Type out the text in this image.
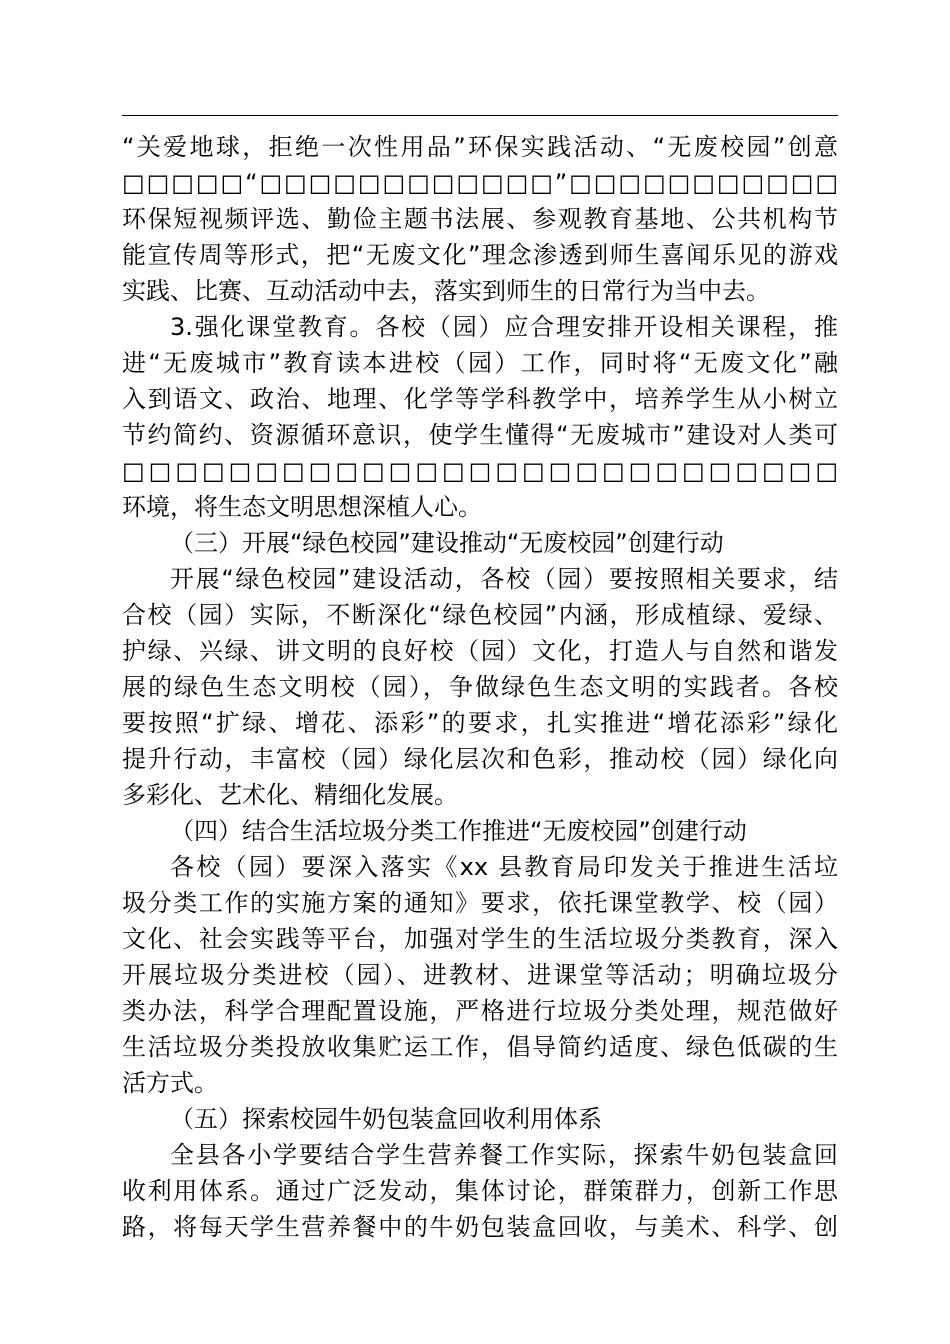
“关爱地球，拒绝一次性用品”环保实践活动、“无废校园”创意
□□□□□“□□□□□□□□□□□□”□□□□□□□□□□□
环保短视频评选、勤俭主题书法展、参观教育基地、公共机构节
能宣传周等形式，把“无废文化”理念渗透到师生喜闻乐见的游戏
实践、比赛、互动活动中去，落实到师生的日常行为当中去。
3.强化课堂教育。各校（园）应合理安排开设相关课程，推
进“无废城市”教育读本进校（园）工作，同时将“无废文化”融
入到语文、政治、地理、化学等学科教学中，培养学生从小树立
节约简约、资源循环意识，使学生懂得“无废城市”建设对人类可
□□□□□□□□□□□□□□□□□□□□□□□□□□□
环境，将生态文明思想深植人心。
（三）开展“绿色校园”建设推动“无废校园”创建行动
开展“绿色校园”建设活动，各校（园）要按照相关要求，结
合校（园）实际，不断深化“绿色校园”内涵，形成植绿、爱绿、
护绿、兴绿、讲文明的良好校（园）文化，打造人与自然和谐发
展的绿色生态文明校（园），争做绿色生态文明的实践者。各校
要按照“扩绿、增花、添彩”的要求，扎实推进“增花添彩”绿化
提升行动，丰富校（园）绿化层次和色彩，推动校（园）绿化向
多彩化、艺术化、精细化发展。
（四）结合生活垃圾分类工作推进“无废校园”创建行动
各校（园）要深入落实《xx 县教育局印发关于推进生活垃
圾分类工作的实施方案的通知》要求，依托课堂教学、校（园）
文化、社会实践等平台，加强对学生的生活垃圾分类教育，深入
开展垃圾分类进校（园）、进教材、进课堂等活动；明确垃圾分
类办法，科学合理配置设施，严格进行垃圾分类处理，规范做好
生活垃圾分类投放收集贮运工作，倡导简约适度、绿色低碳的生
活方式。
（五）探索校园牛奶包装盒回收利用体系
全县各小学要结合学生营养餐工作实际，探索牛奶包装盒回
收利用体系。通过广泛发动，集体讨论，群策群力，创新工作思
路，将每天学生营养餐中的牛奶包装盒回收，与美术、科学、创
